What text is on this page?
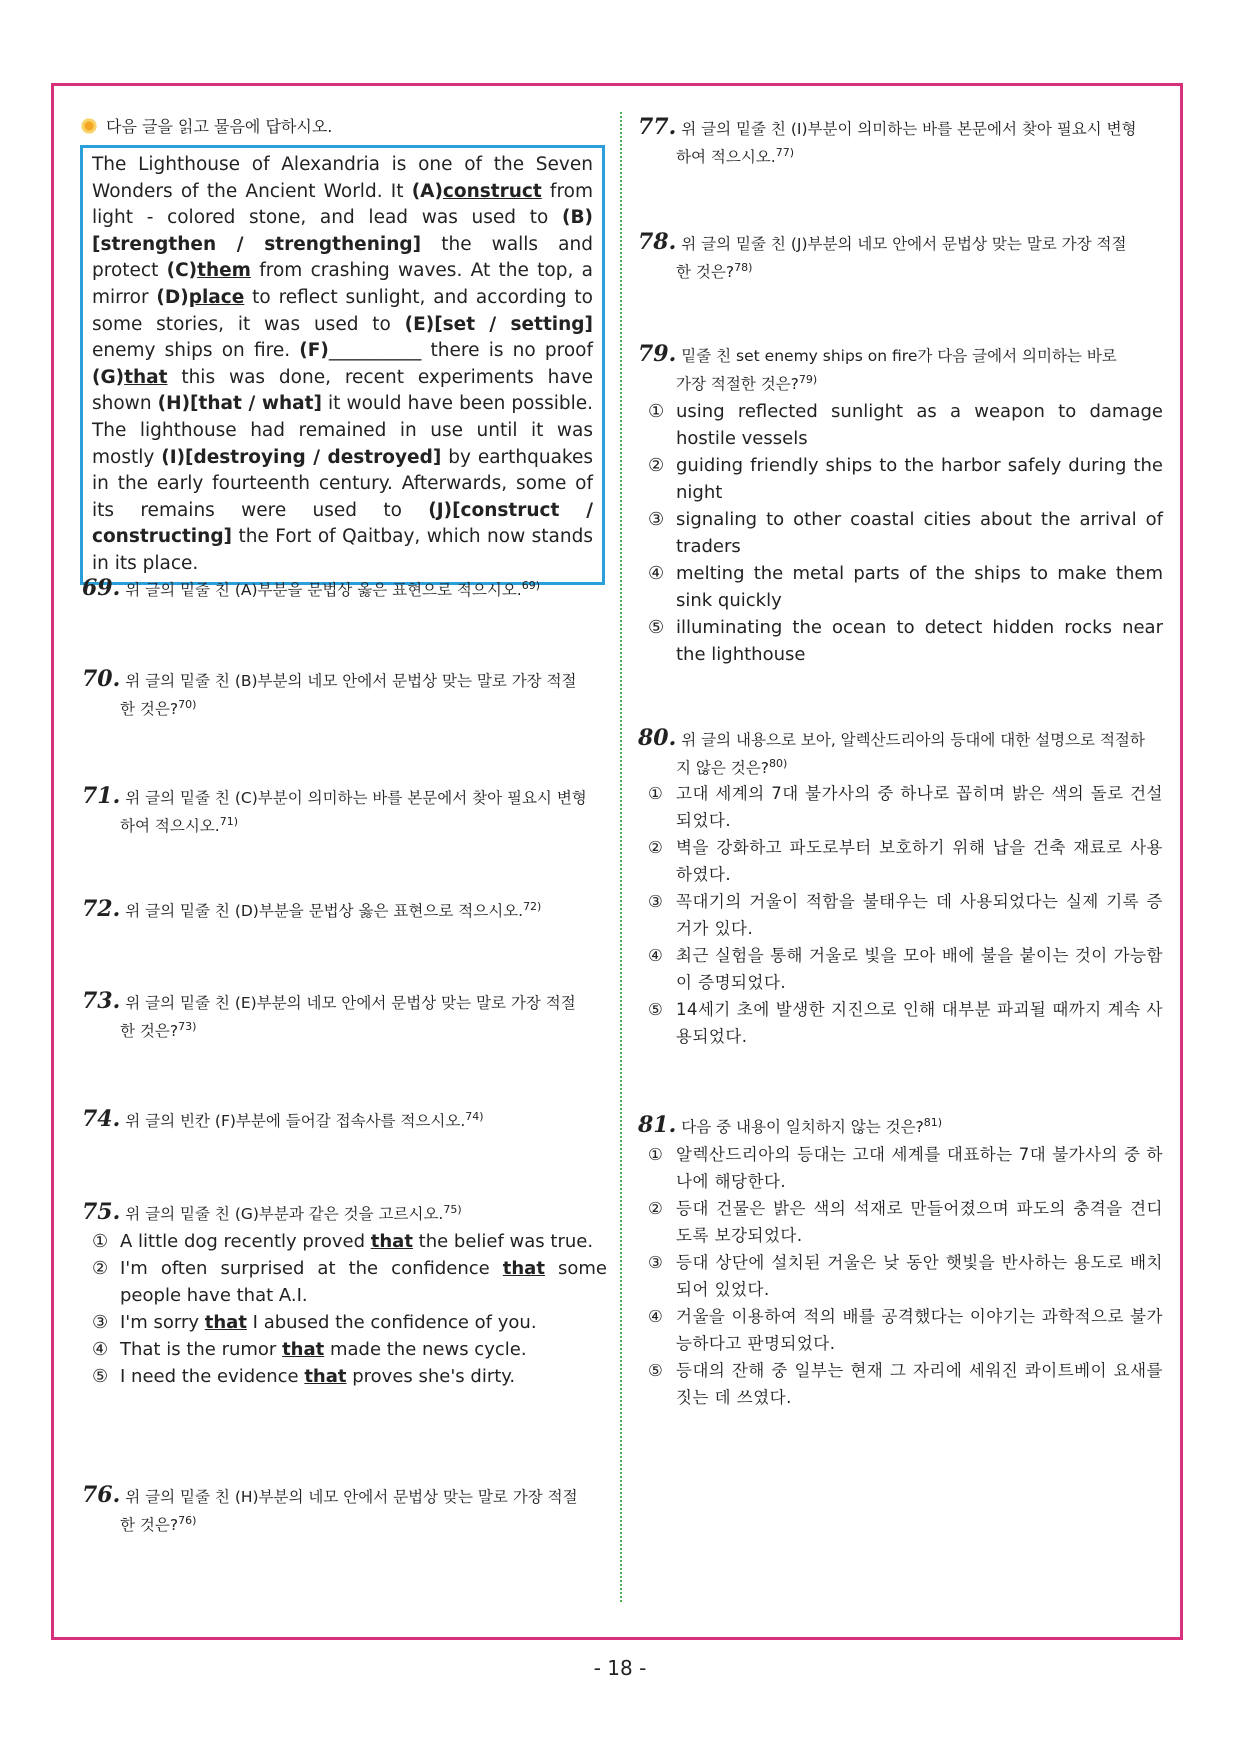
다음 글을 읽고 물음에 답하시오.
The Lighthouse of Alexandria is one of the Seven Wonders of the Ancient World. It (A)construct from light - colored stone, and lead was used to (B)[strengthen / strengthening] the walls and protect (C)them from crashing waves. At the top, a mirror (D)place to reflect sunlight, and according to some stories, it was used to (E)[set / setting] enemy ships on fire. (F)__________ there is no proof (G)that this was done, recent experiments have shown (H)[that / what] it would have been possible. The lighthouse had remained in use until it was mostly (I)[destroying / destroyed] by earthquakes in the early fourteenth century. Afterwards, some of its remains were used to (J)[construct / constructing] the Fort of Qaitbay, which now stands in its place.
69. 위 글의 밑줄 친 (A)부분을 문법상 옳은 표현으로 적으시오.$^{69)}$
70. 위 글의 밑줄 친 (B)부분의 네모 안에서 문법상 맞는 말로 가장 적절
한 것은?$^{70)}$
71. 위 글의 밑줄 친 (C)부분이 의미하는 바를 본문에서 찾아 필요시 변형
하여 적으시오.$^{71)}$
72. 위 글의 밑줄 친 (D)부분을 문법상 옳은 표현으로 적으시오.$^{72)}$
73. 위 글의 밑줄 친 (E)부분의 네모 안에서 문법상 맞는 말로 가장 적절
한 것은?$^{73)}$
74. 위 글의 빈칸 (F)부분에 들어갈 접속사를 적으시오.$^{74)}$
75. 위 글의 밑줄 친 (G)부분과 같은 것을 고르시오.$^{75)}$
① A little dog recently proved that the belief was true.
② I'm often surprised at the confidence that some people have that A.I.
③ I'm sorry that I abused the confidence of you.
④ That is the rumor that made the news cycle.
⑤ I need the evidence that proves she's dirty.
76. 위 글의 밑줄 친 (H)부분의 네모 안에서 문법상 맞는 말로 가장 적절
한 것은?$^{76)}$
77. 위 글의 밑줄 친 (I)부분이 의미하는 바를 본문에서 찾아 필요시 변형
하여 적으시오.$^{77)}$
78. 위 글의 밑줄 친 (J)부분의 네모 안에서 문법상 맞는 말로 가장 적절
한 것은?$^{78)}$
79. 밑줄 친 set enemy ships on fire가 다음 글에서 의미하는 바로
가장 적절한 것은?$^{79)}$
① using reflected sunlight as a weapon to damage hostile vessels
② guiding friendly ships to the harbor safely during the night
③ signaling to other coastal cities about the arrival of traders
④ melting the metal parts of the ships to make them sink quickly
⑤ illuminating the ocean to detect hidden rocks near the lighthouse
80. 위 글의 내용으로 보아, 알렉산드리아의 등대에 대한 설명으로 적절하
지 않은 것은?$^{80)}$
① 고대 세계의 7대 불가사의 중 하나로 꼽히며 밝은 색의 돌로 건설되었다.
② 벽을 강화하고 파도로부터 보호하기 위해 납을 건축 재료로 사용하였다.
③ 꼭대기의 거울이 적함을 불태우는 데 사용되었다는 실제 기록 증거가 있다.
④ 최근 실험을 통해 거울로 빛을 모아 배에 불을 붙이는 것이 가능함이 증명되었다.
⑤ 14세기 초에 발생한 지진으로 인해 대부분 파괴될 때까지 계속 사용되었다.
81. 다음 중 내용이 일치하지 않는 것은?$^{81)}$
① 알렉산드리아의 등대는 고대 세계를 대표하는 7대 불가사의 중 하나에 해당한다.
② 등대 건물은 밝은 색의 석재로 만들어졌으며 파도의 충격을 견디도록 보강되었다.
③ 등대 상단에 설치된 거울은 낮 동안 햇빛을 반사하는 용도로 배치되어 있었다.
④ 거울을 이용하여 적의 배를 공격했다는 이야기는 과학적으로 불가능하다고 판명되었다.
⑤ 등대의 잔해 중 일부는 현재 그 자리에 세워진 콰이트베이 요새를 짓는 데 쓰였다.
- 18 -
